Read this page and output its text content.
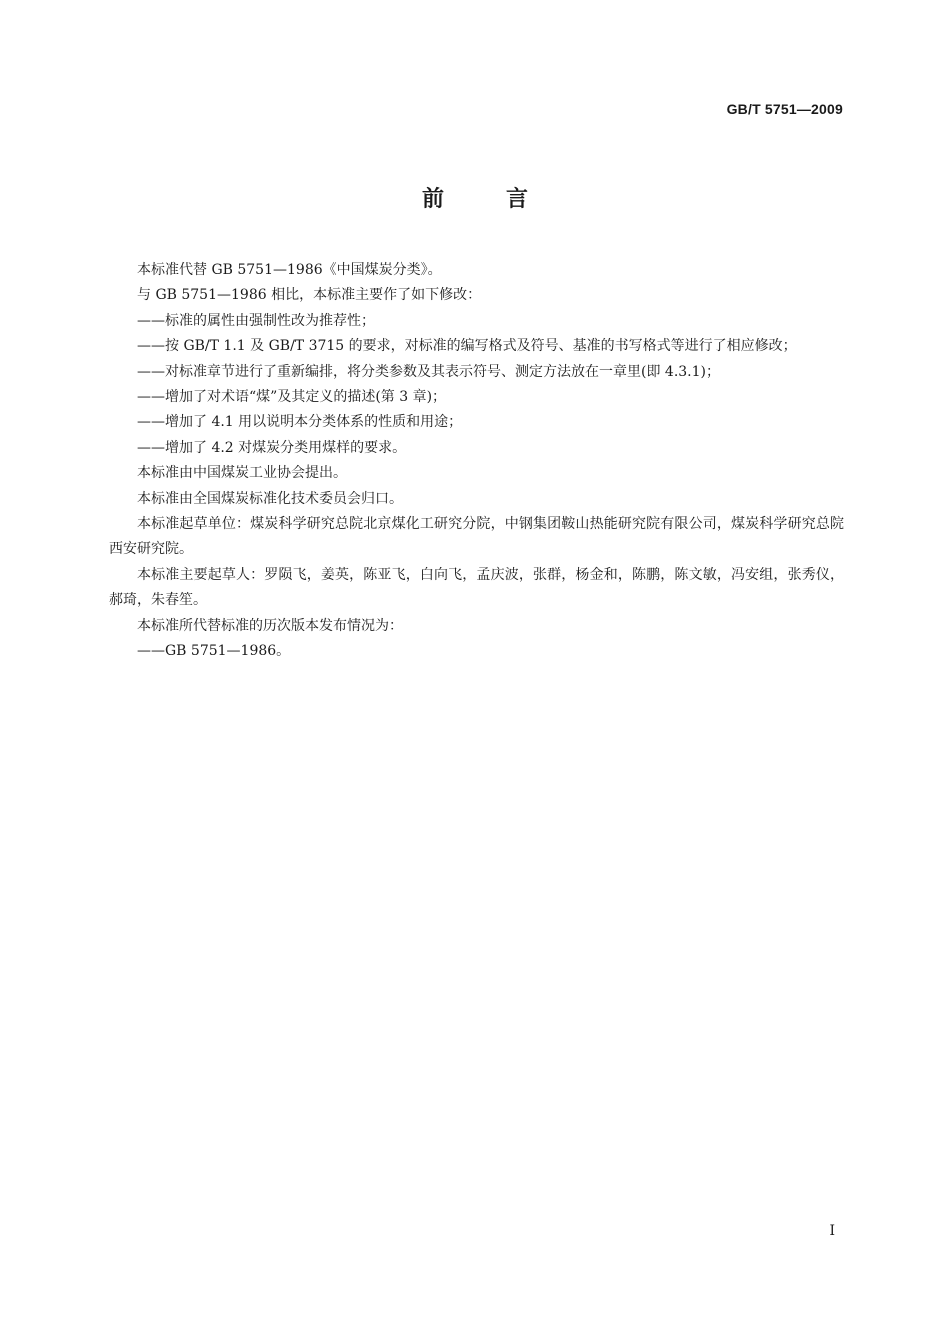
GB/T 5751—2009
前言

本标准代替 GB 5751—1986《中国煤炭分类》。

与 GB 5751—1986 相比，本标准主要作了如下修改：

——标准的属性由强制性改为推荐性；

——按 GB/T 1.1 及 GB/T 3715 的要求，对标准的编写格式及符号、基准的书写格式等进行了相应修改；

——对标准章节进行了重新编排，将分类参数及其表示符号、测定方法放在一章里(即 4.3.1)；

——增加了对术语“煤”及其定义的描述(第 3 章)；

——增加了 4.1 用以说明本分类体系的性质和用途；

——增加了 4.2 对煤炭分类用煤样的要求。

本标准由中国煤炭工业协会提出。

本标准由全国煤炭标准化技术委员会归口。

本标准起草单位：煤炭科学研究总院北京煤化工研究分院，中钢集团鞍山热能研究院有限公司，煤炭科学研究总院西安研究院。

本标准主要起草人：罗陨飞，姜英，陈亚飞，白向飞，孟庆波，张群，杨金和，陈鹏，陈文敏，冯安组，张秀仪，郝琦，朱春笙。

本标准所代替标准的历次版本发布情况为：

——GB 5751—1986。

I
